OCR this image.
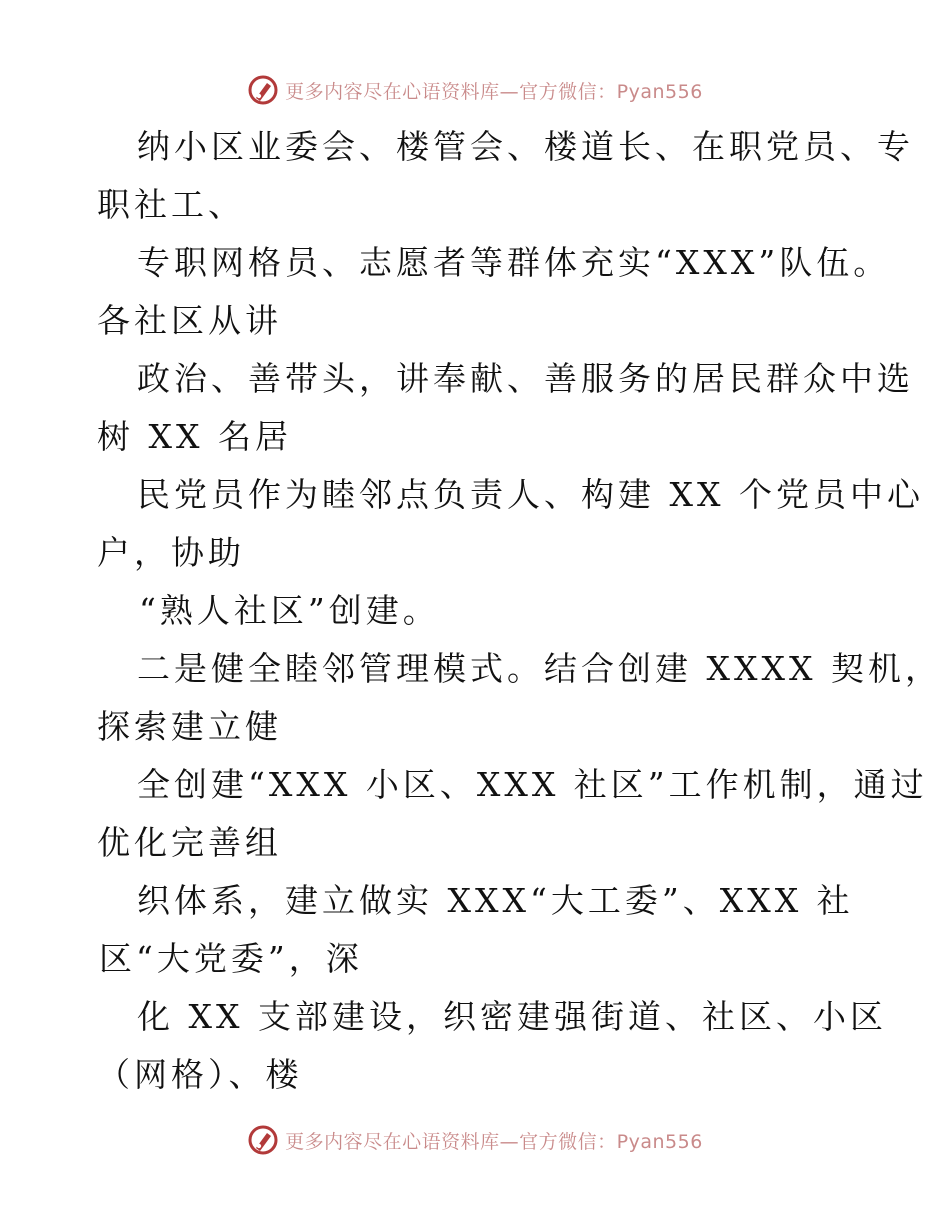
更多内容尽在心语资料库—官方微信：Pyan556
纳小区业委会、楼管会、楼道长、在职党员、专
职社工、
专职网格员、志愿者等群体充实“XXX”队伍。
各社区从讲
政治、善带头，讲奉献、善服务的居民群众中选
树 XX 名居
民党员作为睦邻点负责人、构建 XX 个党员中心
户，协助
“熟人社区”创建。
二是健全睦邻管理模式。结合创建 XXXX 契机，
探索建立健
全创建“XXX 小区、XXX 社区”工作机制，通过
优化完善组
织体系，建立做实 XXX“大工委”、XXX 社
区“大党委”，深
化 XX 支部建设，织密建强街道、社区、小区
（网格）、楼
更多内容尽在心语资料库—官方微信：Pyan556
